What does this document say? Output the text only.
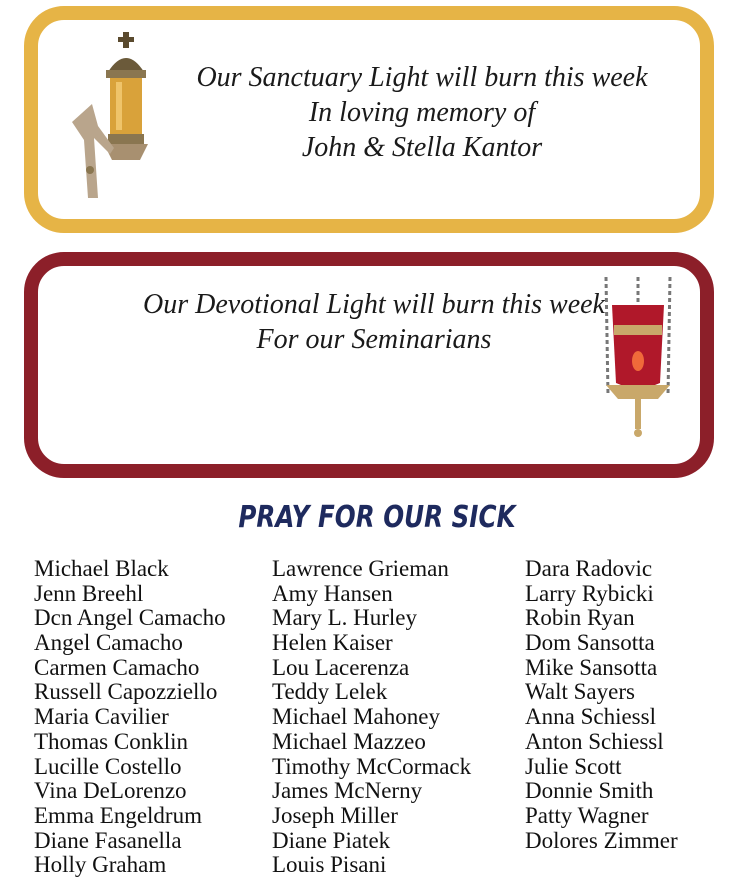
Our Sanctuary Light will burn this week
In loving memory of
John & Stella Kantor
Our Devotional Light will burn this week
For our Seminarians
PRAY FOR OUR SICK
Michael Black
Jenn Breehl
Dcn Angel Camacho
Angel Camacho
Carmen Camacho
Russell Capozziello
Maria Cavilier
Thomas Conklin
Lucille Costello
Vina DeLorenzo
Emma Engeldrum
Diane Fasanella
Holly Graham
Lawrence Grieman
Amy Hansen
Mary L. Hurley
Helen Kaiser
Lou Lacerenza
Teddy Lelek
Michael Mahoney
Michael Mazzeo
Timothy McCormack
James McNerny
Joseph Miller
Diane Piatek
Louis Pisani
Dara Radovic
Larry Rybicki
Robin Ryan
Dom Sansotta
Mike Sansotta
Walt Sayers
Anna Schiessl
Anton Schiessl
Julie Scott
Donnie Smith
Patty Wagner
Dolores Zimmer
